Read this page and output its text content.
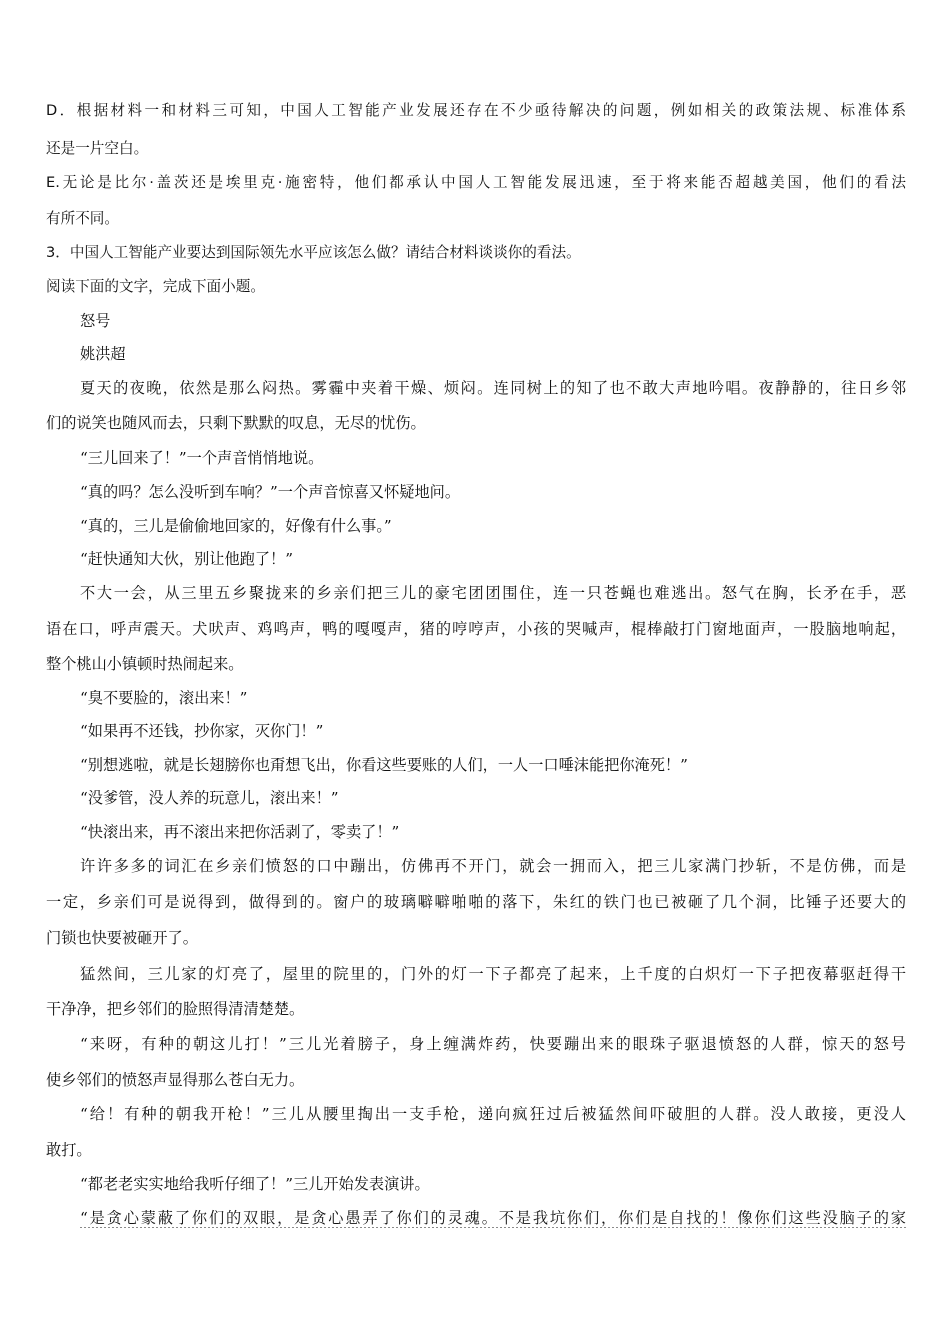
D．根据材料一和材料三可知，中国人工智能产业发展还存在不少亟待解决的问题，例如相关的政策法规、标准体系
还是一片空白。
E.无论是比尔·盖茨还是埃里克·施密特，他们都承认中国人工智能发展迅速，至于将来能否超越美国，他们的看法
有所不同。
3．中国人工智能产业要达到国际领先水平应该怎么做？请结合材料谈谈你的看法。
阅读下面的文字，完成下面小题。
怒号
姚洪超
夏天的夜晚，依然是那么闷热。雾霾中夹着干燥、烦闷。连同树上的知了也不敢大声地吟唱。夜静静的，往日乡邻
们的说笑也随风而去，只剩下默默的叹息，无尽的忧伤。
“三儿回来了！”一个声音悄悄地说。
“真的吗？怎么没听到车响？”一个声音惊喜又怀疑地问。
“真的，三儿是偷偷地回家的，好像有什么事。”
“赶快通知大伙，别让他跑了！”
不大一会，从三里五乡聚拢来的乡亲们把三儿的豪宅团团围住，连一只苍蝇也难逃出。怒气在胸，长矛在手，恶
语在口，呼声震天。犬吠声、鸡鸣声，鸭的嘎嘎声，猪的哼哼声，小孩的哭喊声，棍棒敲打门窗地面声，一股脑地响起，
整个桃山小镇顿时热闹起来。
“臭不要脸的，滚出来！”
“如果再不还钱，抄你家，灭你门！”
“别想逃啦，就是长翅膀你也甭想飞出，你看这些要账的人们，一人一口唾沫能把你淹死！”
“没爹管，没人养的玩意儿，滚出来！”
“快滚出来，再不滚出来把你活剥了，零卖了！”
许许多多的词汇在乡亲们愤怒的口中蹦出，仿佛再不开门，就会一拥而入，把三儿家满门抄斩，不是仿佛，而是
一定，乡亲们可是说得到，做得到的。窗户的玻璃噼噼啪啪的落下，朱红的铁门也已被砸了几个洞，比锤子还要大的
门锁也快要被砸开了。
猛然间，三儿家的灯亮了，屋里的院里的，门外的灯一下子都亮了起来，上千度的白炽灯一下子把夜幕驱赶得干
干净净，把乡邻们的脸照得清清楚楚。
“来呀，有种的朝这儿打！”三儿光着膀子，身上缠满炸药，快要蹦出来的眼珠子驱退愤怒的人群，惊天的怒号
使乡邻们的愤怒声显得那么苍白无力。
“给！有种的朝我开枪！”三儿从腰里掏出一支手枪，递向疯狂过后被猛然间吓破胆的人群。没人敢接，更没人
敢打。
“都老老实实地给我听仔细了！”三儿开始发表演讲。
“是贪心蒙蔽了你们的双眼，是贪心愚弄了你们的灵魂。不是我坑你们，你们是自找的！像你们这些没脑子的家
